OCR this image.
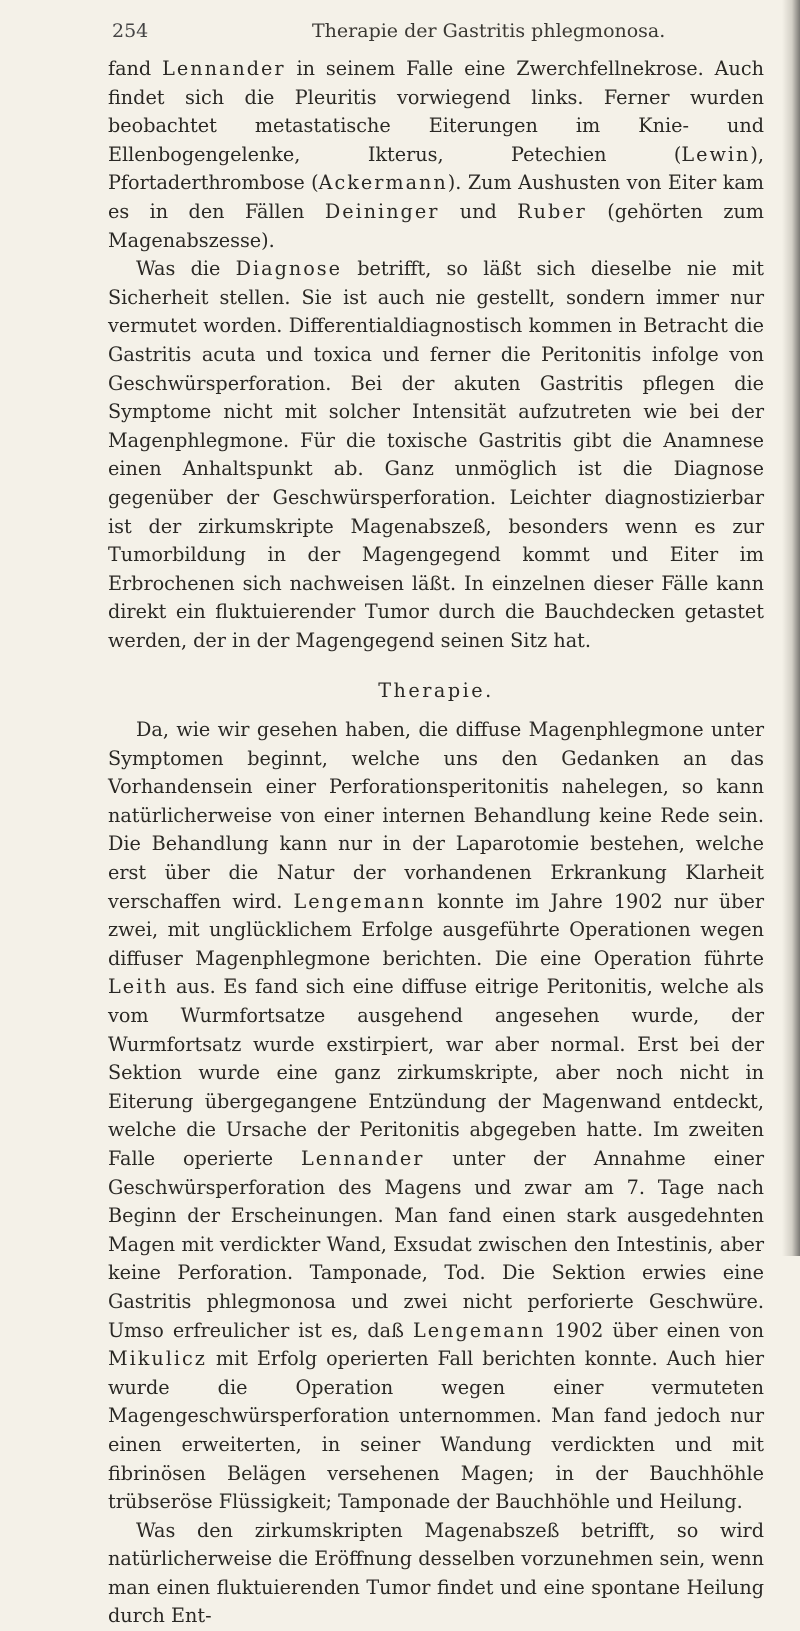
254	Therapie der Gastritis phlegmonosa.

fand Lennander in seinem Falle eine Zwerchfellnekrose. Auch findet sich die Pleuritis vorwiegend links. Ferner wurden beobachtet metastatische Eiterungen im Knie- und Ellenbogengelenke, Ikterus, Petechien (Lewin), Pfortaderthrombose (Ackermann). Zum Aushusten von Eiter kam es in den Fällen Deininger und Ruber (gehörten zum Magenabszesse).

Was die Diagnose betrifft, so läßt sich dieselbe nie mit Sicherheit stellen. Sie ist auch nie gestellt, sondern immer nur vermutet worden. Differentialdiagnostisch kommen in Betracht die Gastritis acuta und toxica und ferner die Peritonitis infolge von Geschwürsperforation. Bei der akuten Gastritis pflegen die Symptome nicht mit solcher Intensität aufzutreten wie bei der Magenphlegmone. Für die toxische Gastritis gibt die Anamnese einen Anhaltspunkt ab. Ganz unmöglich ist die Diagnose gegenüber der Geschwürsperforation. Leichter diagnostizierbar ist der zirkumskripte Magenabszeß, besonders wenn es zur Tumorbildung in der Magengegend kommt und Eiter im Erbrochenen sich nachweisen läßt. In einzelnen dieser Fälle kann direkt ein fluktuierender Tumor durch die Bauchdecken getastet werden, der in der Magengegend seinen Sitz hat.

Therapie.

Da, wie wir gesehen haben, die diffuse Magenphlegmone unter Symptomen beginnt, welche uns den Gedanken an das Vorhandensein einer Perforationsperitonitis nahelegen, so kann natürlicherweise von einer internen Behandlung keine Rede sein. Die Behandlung kann nur in der Laparotomie bestehen, welche erst über die Natur der vorhandenen Erkrankung Klarheit verschaffen wird. Lengemann konnte im Jahre 1902 nur über zwei, mit unglücklichem Erfolge ausgeführte Operationen wegen diffuser Magenphlegmone berichten. Die eine Operation führte Leith aus. Es fand sich eine diffuse eitrige Peritonitis, welche als vom Wurmfortsatze ausgehend angesehen wurde, der Wurmfortsatz wurde exstirpiert, war aber normal. Erst bei der Sektion wurde eine ganz zirkumskripte, aber noch nicht in Eiterung übergegangene Entzündung der Magenwand entdeckt, welche die Ursache der Peritonitis abgegeben hatte. Im zweiten Falle operierte Lennander unter der Annahme einer Geschwürsperforation des Magens und zwar am 7. Tage nach Beginn der Erscheinungen. Man fand einen stark ausgedehnten Magen mit verdickter Wand, Exsudat zwischen den Intestinis, aber keine Perforation. Tamponade, Tod. Die Sektion erwies eine Gastritis phlegmonosa und zwei nicht perforierte Geschwüre. Umso erfreulicher ist es, daß Lengemann 1902 über einen von Mikulicz mit Erfolg operierten Fall berichten konnte. Auch hier wurde die Operation wegen einer vermuteten Magengeschwürsperforation unternommen. Man fand jedoch nur einen erweiterten, in seiner Wandung verdickten und mit fibrinösen Belägen versehenen Magen; in der Bauchhöhle trübseröse Flüssigkeit; Tamponade der Bauchhöhle und Heilung.

Was den zirkumskripten Magenabszeß betrifft, so wird natürlicherweise die Eröffnung desselben vorzunehmen sein, wenn man einen fluktuierenden Tumor findet und eine spontane Heilung durch Ent-
